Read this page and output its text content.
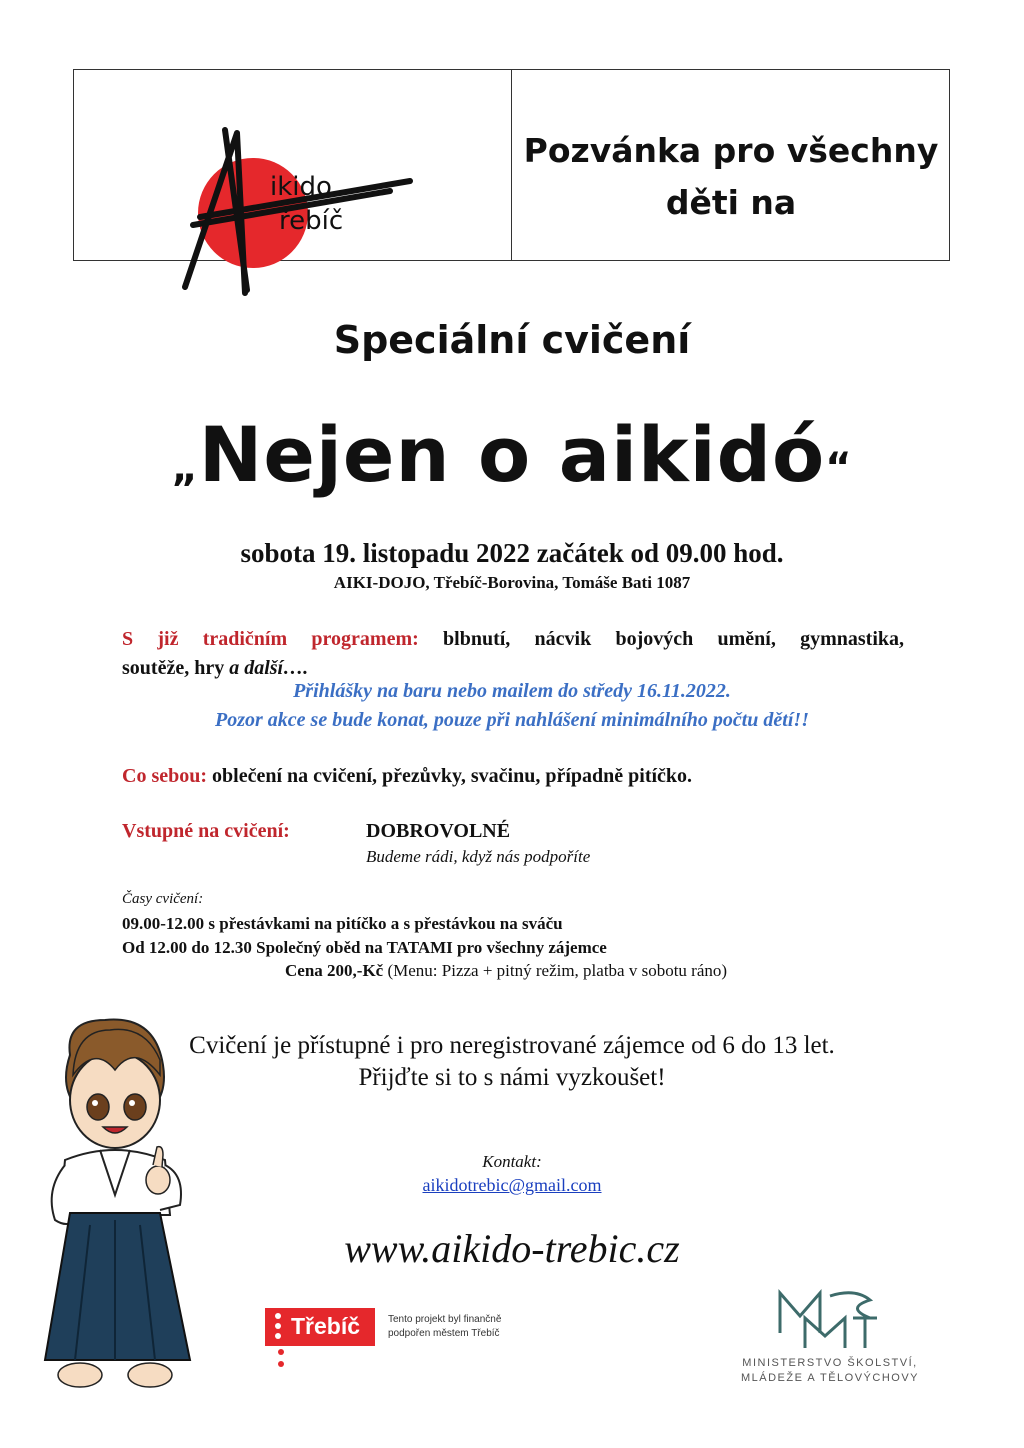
ikido
řebíč
Pozvánka pro všechny
děti na
Speciální cvičení
„Nejen o aikidó“
sobota 19. listopadu 2022 začátek od 09.00 hod.
AIKI-DOJO, Třebíč-Borovina, Tomáše Bati 1087
S již tradičním programem: blbnutí, nácvik bojových umění, gymnastika,
soutěže, hry a další….
Přihlášky na baru nebo mailem do středy 16.11.2022.
Pozor akce se bude konat, pouze při nahlášení minimálního počtu dětí!!
Co sebou: oblečení na cvičení, přezůvky, svačinu, případně pitíčko.
Vstupné na cvičení:	DOBROVOLNÉ
Budeme rádi, když nás podpoříte
Časy cvičení:
09.00-12.00 s přestávkami na pitíčko a s přestávkou na sváču
Od 12.00 do 12.30 Společný oběd na TATAMI pro všechny zájemce
Cena 200,-Kč (Menu: Pizza + pitný režim, platba v sobotu ráno)
Cvičení je přístupné i pro neregistrované zájemce od 6 do 13 let.
Přijďte si to s námi vyzkoušet!
Kontakt:
aikidotrebic@gmail.com
www.aikido-trebic.cz
Třebíč	Tento projekt byl finančně
podpořen městem Třebíč
MINISTERSTVO ŠKOLSTVÍ,
MLÁDEŽE A TĚLOVÝCHOVY
